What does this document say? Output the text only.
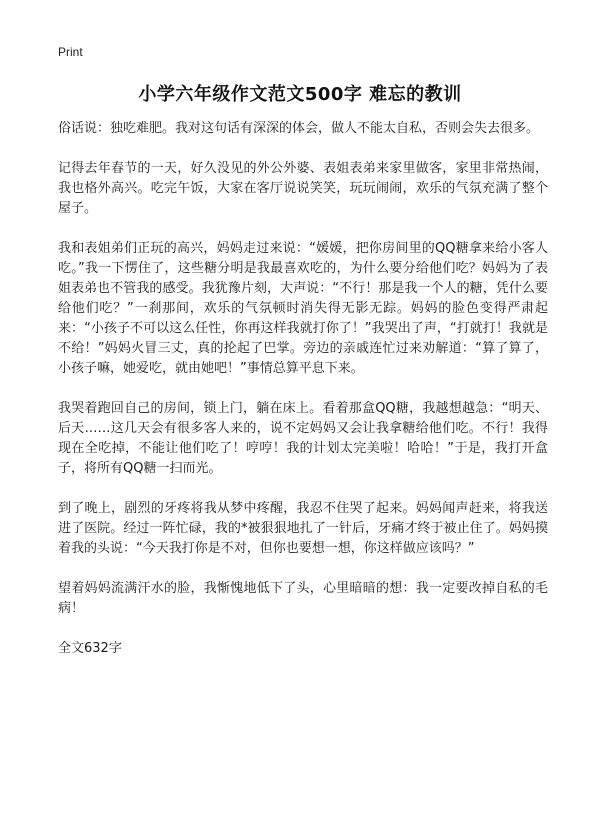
Print
小学六年级作文范文500字 难忘的教训

俗话说：独吃难肥。我对这句话有深深的体会，做人不能太自私，否则会失去很多。

记得去年春节的一天，好久没见的外公外婆、表姐表弟来家里做客，家里非常热闹，我也格外高兴。吃完午饭，大家在客厅说说笑笑，玩玩闹闹，欢乐的气氛充满了整个屋子。

我和表姐弟们正玩的高兴，妈妈走过来说：“媛媛，把你房间里的QQ糖拿来给小客人吃。”我一下愣住了，这些糖分明是我最喜欢吃的，为什么要分给他们吃？妈妈为了表姐表弟也不管我的感受。我犹豫片刻，大声说：“不行！那是我一个人的糖，凭什么要给他们吃？”一刹那间，欢乐的气氛顿时消失得无影无踪。妈妈的脸色变得严肃起来：“小孩子不可以这么任性，你再这样我就打你了！”我哭出了声，“打就打！我就是不给！”妈妈火冒三丈，真的抡起了巴掌。旁边的亲戚连忙过来劝解道：“算了算了，小孩子嘛，她爱吃，就由她吧！”事情总算平息下来。

我哭着跑回自己的房间，锁上门，躺在床上。看着那盒QQ糖，我越想越急：“明天、后天……这几天会有很多客人来的，说不定妈妈又会让我拿糖给他们吃。不行！我得现在全吃掉，不能让他们吃了！哼哼！我的计划太完美啦！哈哈！”于是，我打开盒子，将所有QQ糖一扫而光。

到了晚上，剧烈的牙疼将我从梦中疼醒，我忍不住哭了起来。妈妈闻声赶来，将我送进了医院。经过一阵忙碌，我的*被狠狠地扎了一针后，牙痛才终于被止住了。妈妈摸着我的头说：“今天我打你是不对，但你也要想一想，你这样做应该吗？”

望着妈妈流满汗水的脸，我惭愧地低下了头，心里暗暗的想：我一定要改掉自私的毛病！

全文632字
